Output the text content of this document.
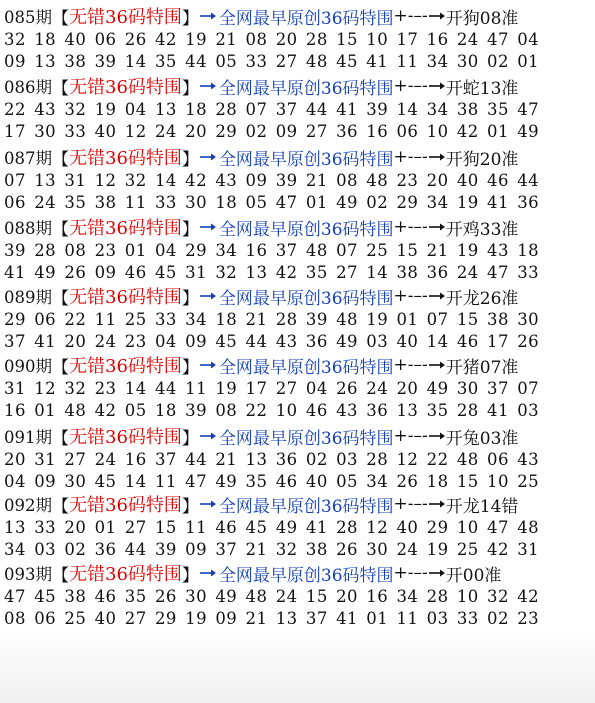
085期 【 无错36码特围 】 全网最早原创36码特围 +-–- 开狗08准
32 18 40 06 26 42 19 21 08 20 28 15 10 17 16 24 47 04
09 13 38 39 14 35 44 05 33 27 48 45 41 11 34 30 02 01
086期 【 无错36码特围 】 全网最早原创36码特围 +-–- 开蛇13准
22 43 32 19 04 13 18 28 07 37 44 41 39 14 34 38 35 47
17 30 33 40 12 24 20 29 02 09 27 36 16 06 10 42 01 49
087期 【 无错36码特围 】 全网最早原创36码特围 +-–- 开狗20准
07 13 31 12 32 14 42 43 09 39 21 08 48 23 20 40 46 44
06 24 35 38 11 33 30 18 05 47 01 49 02 29 34 19 41 36
088期 【 无错36码特围 】 全网最早原创36码特围 +-–- 开鸡33准
39 28 08 23 01 04 29 34 16 37 48 07 25 15 21 19 43 18
41 49 26 09 46 45 31 32 13 42 35 27 14 38 36 24 47 33
089期 【 无错36码特围 】 全网最早原创36码特围 +-–- 开龙26准
29 06 22 11 25 33 34 18 21 28 39 48 19 01 07 15 38 30
37 41 20 24 23 04 09 45 44 43 36 49 03 40 14 46 17 26
090期 【 无错36码特围 】 全网最早原创36码特围 +-–- 开猪07准
31 12 32 23 14 44 11 19 17 27 04 26 24 20 49 30 37 07
16 01 48 42 05 18 39 08 22 10 46 43 36 13 35 28 41 03
091期 【 无错36码特围 】 全网最早原创36码特围 +-–- 开兔03准
20 31 27 24 16 37 44 21 13 36 02 03 28 12 22 48 06 43
04 09 30 45 14 11 47 49 35 46 40 05 34 26 18 15 10 25
092期 【 无错36码特围 】 全网最早原创36码特围 +-–- 开龙14错
13 33 20 01 27 15 11 46 45 49 41 28 12 40 29 10 47 48
34 03 02 36 44 39 09 37 21 32 38 26 30 24 19 25 42 31
093期 【 无错36码特围 】 全网最早原创36码特围 +-–- 开00准
47 45 38 46 35 26 30 49 48 24 15 20 16 34 28 10 32 42
08 06 25 40 27 29 19 09 21 13 37 41 01 11 03 33 02 23
